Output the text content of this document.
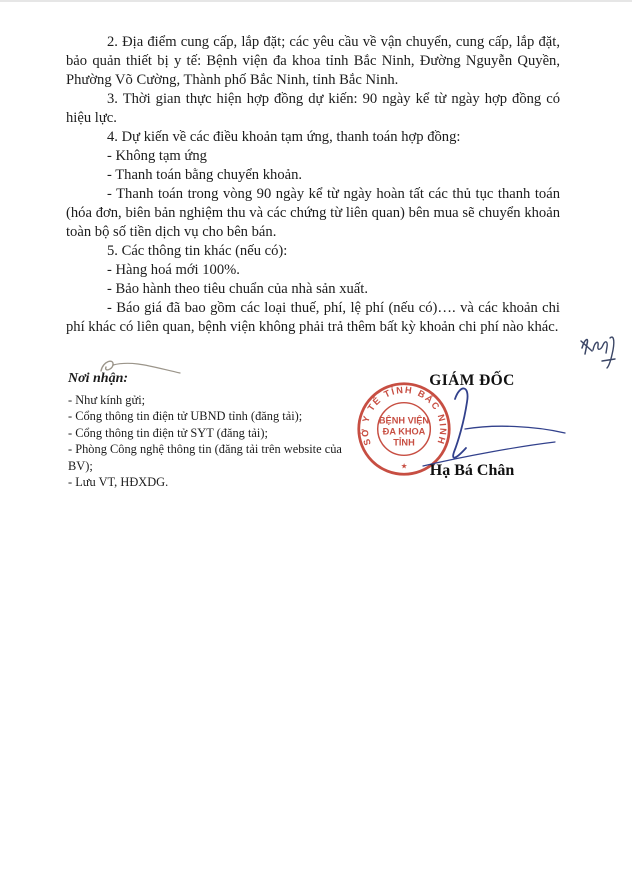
2. Địa điểm cung cấp, lắp đặt; các yêu cầu về vận chuyển, cung cấp, lắp đặt, bảo quản thiết bị y tế: Bệnh viện đa khoa tỉnh Bắc Ninh, Đường Nguyễn Quyền, Phường Võ Cường, Thành phố Bắc Ninh, tỉnh Bắc Ninh.

3. Thời gian thực hiện hợp đồng dự kiến: 90 ngày kể từ ngày hợp đồng có hiệu lực.

4. Dự kiến về các điều khoản tạm ứng, thanh toán hợp đồng:

- Không tạm ứng

- Thanh toán bằng chuyển khoản.

- Thanh toán trong vòng 90 ngày kể từ ngày hoàn tất các thủ tục thanh toán (hóa đơn, biên bản nghiệm thu và các chứng từ liên quan) bên mua sẽ chuyển khoản toàn bộ số tiền dịch vụ cho bên bán.

5. Các thông tin khác (nếu có):

- Hàng hoá mới 100%.

- Bảo hành theo tiêu chuẩn của nhà sản xuất.

- Báo giá đã bao gồm các loại thuế, phí, lệ phí (nếu có)…. và các khoản chi phí khác có liên quan, bệnh viện không phải trả thêm bất kỳ khoản chi phí nào khác.

Nơi nhận:

- Như kính gửi;
- Cổng thông tin điện tử UBND tỉnh (đăng tải);
- Cổng thông tin điện tử SYT (đăng tải);
- Phòng Công nghệ thông tin (đăng tải trên website của BV);
- Lưu VT, HĐXDG.
GIÁM ĐỐC
SỞ Y TẾ TỈNH BẮC NINH
BỆNH VIỆN
ĐA KHOA
TỈNH
★	Hạ Bá Chân
